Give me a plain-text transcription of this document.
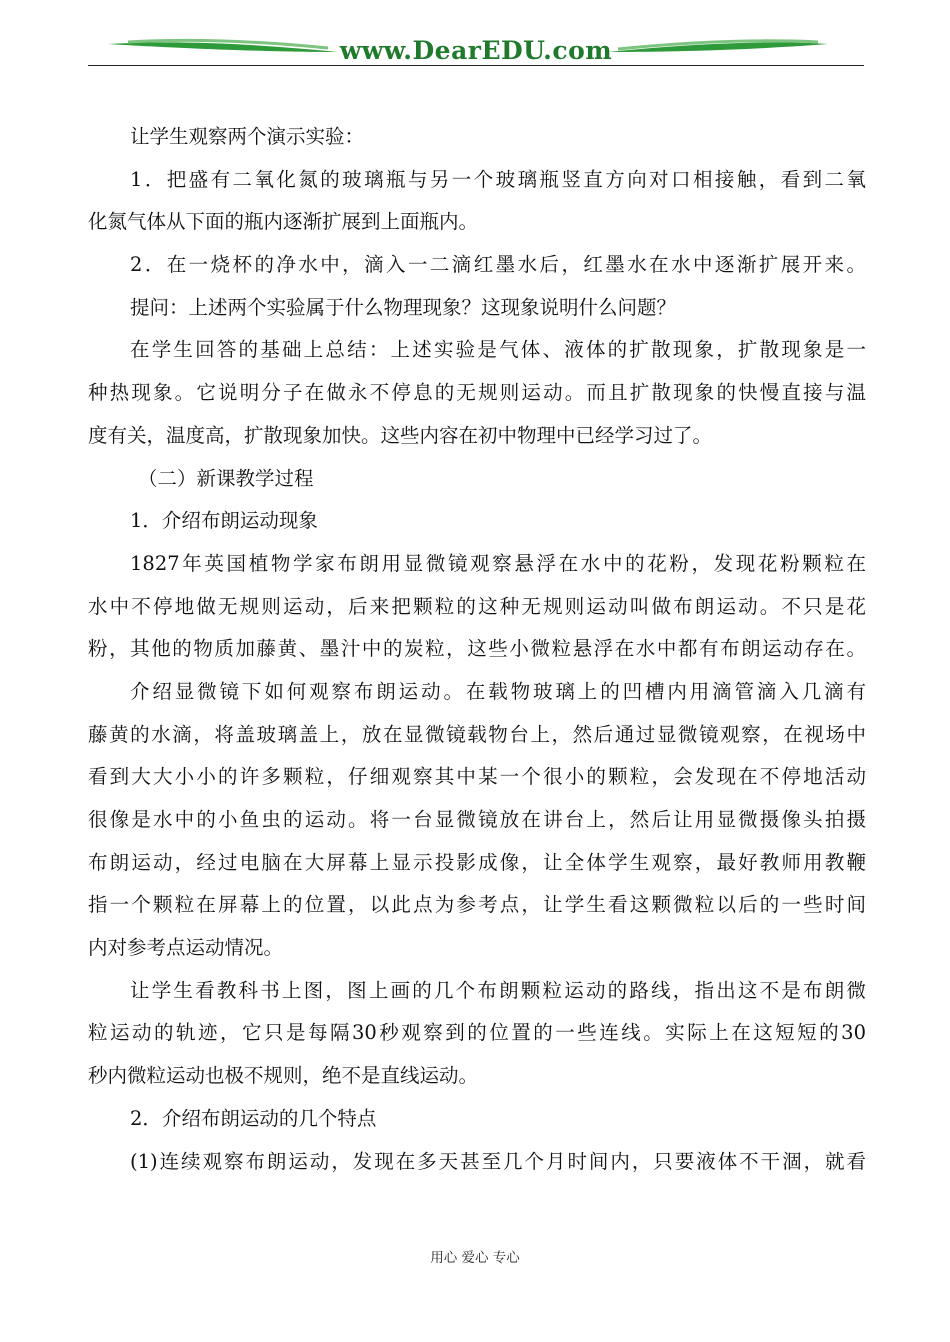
www.DearEDU.com
让学生观察两个演示实验：
1．把盛有二氧化氮的玻璃瓶与另一个玻璃瓶竖直方向对口相接触，看到二氧
化氮气体从下面的瓶内逐渐扩展到上面瓶内。
2．在一烧杯的净水中，滴入一二滴红墨水后，红墨水在水中逐渐扩展开来。
提问：上述两个实验属于什么物理现象？这现象说明什么问题？
在学生回答的基础上总结：上述实验是气体、液体的扩散现象，扩散现象是一
种热现象。它说明分子在做永不停息的无规则运动。而且扩散现象的快慢直接与温
度有关，温度高，扩散现象加快。这些内容在初中物理中已经学习过了。
（二）新课教学过程
1．介绍布朗运动现象
1827年英国植物学家布朗用显微镜观察悬浮在水中的花粉，发现花粉颗粒在
水中不停地做无规则运动，后来把颗粒的这种无规则运动叫做布朗运动。不只是花
粉，其他的物质加藤黄、墨汁中的炭粒，这些小微粒悬浮在水中都有布朗运动存在。
介绍显微镜下如何观察布朗运动。在载物玻璃上的凹槽内用滴管滴入几滴有
藤黄的水滴，将盖玻璃盖上，放在显微镜载物台上，然后通过显微镜观察，在视场中
看到大大小小的许多颗粒，仔细观察其中某一个很小的颗粒，会发现在不停地活动
很像是水中的小鱼虫的运动。将一台显微镜放在讲台上，然后让用显微摄像头拍摄
布朗运动，经过电脑在大屏幕上显示投影成像，让全体学生观察，最好教师用教鞭
指一个颗粒在屏幕上的位置，以此点为参考点，让学生看这颗微粒以后的一些时间
内对参考点运动情况。
让学生看教科书上图，图上画的几个布朗颗粒运动的路线，指出这不是布朗微
粒运动的轨迹，它只是每隔30秒观察到的位置的一些连线。实际上在这短短的30
秒内微粒运动也极不规则，绝不是直线运动。
2．介绍布朗运动的几个特点
(1)连续观察布朗运动，发现在多天甚至几个月时间内，只要液体不干涸，就看
用心 爱心 专心
